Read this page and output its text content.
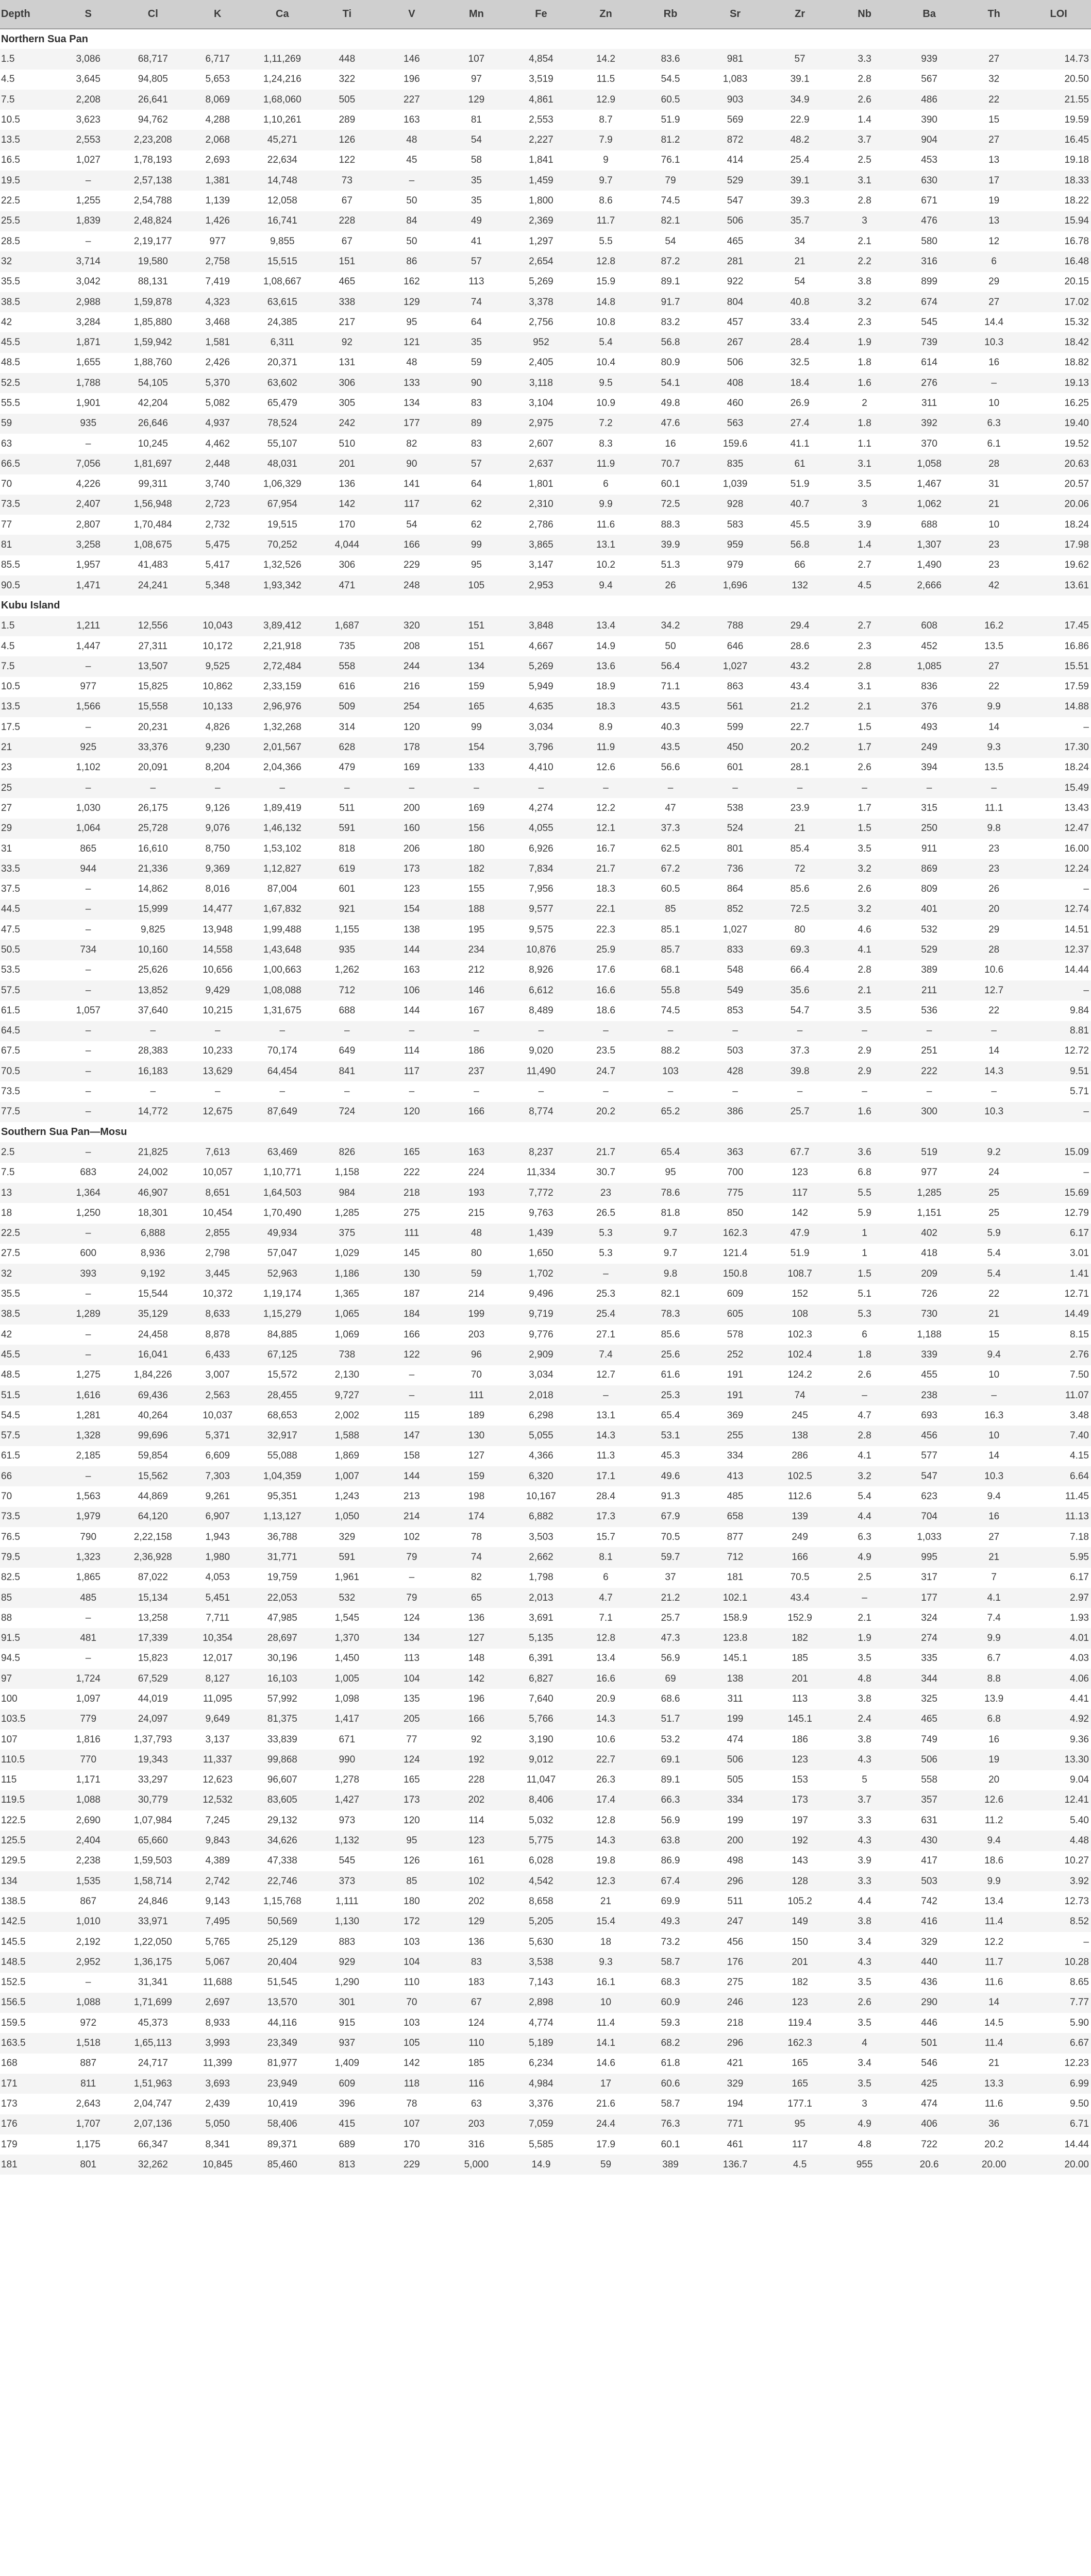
Depth	S	Cl	K	Ca	Ti	V	Mn	Fe	Zn	Rb	Sr	Zr	Nb	Ba	Th	LOI
Northern Sua Pan																
1.5	3,086	68,717	6,717	1,11,269	448	146	107	4,854	14.2	83.6	981	57	3.3	939	27	14.73
4.5	3,645	94,805	5,653	1,24,216	322	196	97	3,519	11.5	54.5	1,083	39.1	2.8	567	32	20.50
7.5	2,208	26,641	8,069	1,68,060	505	227	129	4,861	12.9	60.5	903	34.9	2.6	486	22	21.55
10.5	3,623	94,762	4,288	1,10,261	289	163	81	2,553	8.7	51.9	569	22.9	1.4	390	15	19.59
13.5	2,553	2,23,208	2,068	45,271	126	48	54	2,227	7.9	81.2	872	48.2	3.7	904	27	16.45
16.5	1,027	1,78,193	2,693	22,634	122	45	58	1,841	9	76.1	414	25.4	2.5	453	13	19.18
19.5	–	2,57,138	1,381	14,748	73	–	35	1,459	9.7	79	529	39.1	3.1	630	17	18.33
22.5	1,255	2,54,788	1,139	12,058	67	50	35	1,800	8.6	74.5	547	39.3	2.8	671	19	18.22
25.5	1,839	2,48,824	1,426	16,741	228	84	49	2,369	11.7	82.1	506	35.7	3	476	13	15.94
28.5	–	2,19,177	977	9,855	67	50	41	1,297	5.5	54	465	34	2.1	580	12	16.78
32	3,714	19,580	2,758	15,515	151	86	57	2,654	12.8	87.2	281	21	2.2	316	6	16.48
35.5	3,042	88,131	7,419	1,08,667	465	162	113	5,269	15.9	89.1	922	54	3.8	899	29	20.15
38.5	2,988	1,59,878	4,323	63,615	338	129	74	3,378	14.8	91.7	804	40.8	3.2	674	27	17.02
42	3,284	1,85,880	3,468	24,385	217	95	64	2,756	10.8	83.2	457	33.4	2.3	545	14.4	15.32
45.5	1,871	1,59,942	1,581	6,311	92	121	35	952	5.4	56.8	267	28.4	1.9	739	10.3	18.42
48.5	1,655	1,88,760	2,426	20,371	131	48	59	2,405	10.4	80.9	506	32.5	1.8	614	16	18.82
52.5	1,788	54,105	5,370	63,602	306	133	90	3,118	9.5	54.1	408	18.4	1.6	276	–	19.13
55.5	1,901	42,204	5,082	65,479	305	134	83	3,104	10.9	49.8	460	26.9	2	311	10	16.25
59	935	26,646	4,937	78,524	242	177	89	2,975	7.2	47.6	563	27.4	1.8	392	6.3	19.40
63	–	10,245	4,462	55,107	510	82	83	2,607	8.3	16	159.6	41.1	1.1	370	6.1	19.52
66.5	7,056	1,81,697	2,448	48,031	201	90	57	2,637	11.9	70.7	835	61	3.1	1,058	28	20.63
70	4,226	99,311	3,740	1,06,329	136	141	64	1,801	6	60.1	1,039	51.9	3.5	1,467	31	20.57
73.5	2,407	1,56,948	2,723	67,954	142	117	62	2,310	9.9	72.5	928	40.7	3	1,062	21	20.06
77	2,807	1,70,484	2,732	19,515	170	54	62	2,786	11.6	88.3	583	45.5	3.9	688	10	18.24
81	3,258	1,08,675	5,475	70,252	4,044	166	99	3,865	13.1	39.9	959	56.8	1.4	1,307	23	17.98
85.5	1,957	41,483	5,417	1,32,526	306	229	95	3,147	10.2	51.3	979	66	2.7	1,490	23	19.62
90.5	1,471	24,241	5,348	1,93,342	471	248	105	2,953	9.4	26	1,696	132	4.5	2,666	42	13.61
Kubu Island																
1.5	1,211	12,556	10,043	3,89,412	1,687	320	151	3,848	13.4	34.2	788	29.4	2.7	608	16.2	17.45
4.5	1,447	27,311	10,172	2,21,918	735	208	151	4,667	14.9	50	646	28.6	2.3	452	13.5	16.86
7.5	–	13,507	9,525	2,72,484	558	244	134	5,269	13.6	56.4	1,027	43.2	2.8	1,085	27	15.51
10.5	977	15,825	10,862	2,33,159	616	216	159	5,949	18.9	71.1	863	43.4	3.1	836	22	17.59
13.5	1,566	15,558	10,133	2,96,976	509	254	165	4,635	18.3	43.5	561	21.2	2.1	376	9.9	14.88
17.5	–	20,231	4,826	1,32,268	314	120	99	3,034	8.9	40.3	599	22.7	1.5	493	14	–
21	925	33,376	9,230	2,01,567	628	178	154	3,796	11.9	43.5	450	20.2	1.7	249	9.3	17.30
23	1,102	20,091	8,204	2,04,366	479	169	133	4,410	12.6	56.6	601	28.1	2.6	394	13.5	18.24
25	–	–	–	–	–	–	–	–	–	–	–	–	–	–	–	15.49
27	1,030	26,175	9,126	1,89,419	511	200	169	4,274	12.2	47	538	23.9	1.7	315	11.1	13.43
29	1,064	25,728	9,076	1,46,132	591	160	156	4,055	12.1	37.3	524	21	1.5	250	9.8	12.47
31	865	16,610	8,750	1,53,102	818	206	180	6,926	16.7	62.5	801	85.4	3.5	911	23	16.00
33.5	944	21,336	9,369	1,12,827	619	173	182	7,834	21.7	67.2	736	72	3.2	869	23	12.24
37.5	–	14,862	8,016	87,004	601	123	155	7,956	18.3	60.5	864	85.6	2.6	809	26	–
44.5	–	15,999	14,477	1,67,832	921	154	188	9,577	22.1	85	852	72.5	3.2	401	20	12.74
47.5	–	9,825	13,948	1,99,488	1,155	138	195	9,575	22.3	85.1	1,027	80	4.6	532	29	14.51
50.5	734	10,160	14,558	1,43,648	935	144	234	10,876	25.9	85.7	833	69.3	4.1	529	28	12.37
53.5	–	25,626	10,656	1,00,663	1,262	163	212	8,926	17.6	68.1	548	66.4	2.8	389	10.6	14.44
57.5	–	13,852	9,429	1,08,088	712	106	146	6,612	16.6	55.8	549	35.6	2.1	211	12.7	–
61.5	1,057	37,640	10,215	1,31,675	688	144	167	8,489	18.6	74.5	853	54.7	3.5	536	22	9.84
64.5	–	–	–	–	–	–	–	–	–	–	–	–	–	–	–	8.81
67.5	–	28,383	10,233	70,174	649	114	186	9,020	23.5	88.2	503	37.3	2.9	251	14	12.72
70.5	–	16,183	13,629	64,454	841	117	237	11,490	24.7	103	428	39.8	2.9	222	14.3	9.51
73.5	–	–	–	–	–	–	–	–	–	–	–	–	–	–	–	5.71
77.5	–	14,772	12,675	87,649	724	120	166	8,774	20.2	65.2	386	25.7	1.6	300	10.3	–
Southern Sua Pan—Mosu																
2.5	–	21,825	7,613	63,469	826	165	163	8,237	21.7	65.4	363	67.7	3.6	519	9.2	15.09
7.5	683	24,002	10,057	1,10,771	1,158	222	224	11,334	30.7	95	700	123	6.8	977	24	–
13	1,364	46,907	8,651	1,64,503	984	218	193	7,772	23	78.6	775	117	5.5	1,285	25	15.69
18	1,250	18,301	10,454	1,70,490	1,285	275	215	9,763	26.5	81.8	850	142	5.9	1,151	25	12.79
22.5	–	6,888	2,855	49,934	375	111	48	1,439	5.3	9.7	162.3	47.9	1	402	5.9	6.17
27.5	600	8,936	2,798	57,047	1,029	145	80	1,650	5.3	9.7	121.4	51.9	1	418	5.4	3.01
32	393	9,192	3,445	52,963	1,186	130	59	1,702	–	9.8	150.8	108.7	1.5	209	5.4	1.41
35.5	–	15,544	10,372	1,19,174	1,365	187	214	9,496	25.3	82.1	609	152	5.1	726	22	12.71
38.5	1,289	35,129	8,633	1,15,279	1,065	184	199	9,719	25.4	78.3	605	108	5.3	730	21	14.49
42	–	24,458	8,878	84,885	1,069	166	203	9,776	27.1	85.6	578	102.3	6	1,188	15	8.15
45.5	–	16,041	6,433	67,125	738	122	96	2,909	7.4	25.6	252	102.4	1.8	339	9.4	2.76
48.5	1,275	1,84,226	3,007	15,572	2,130	–	70	3,034	12.7	61.6	191	124.2	2.6	455	10	7.50
51.5	1,616	69,436	2,563	28,455	9,727	–	111	2,018	–	25.3	191	74	–	238	–	11.07
54.5	1,281	40,264	10,037	68,653	2,002	115	189	6,298	13.1	65.4	369	245	4.7	693	16.3	3.48
57.5	1,328	99,696	5,371	32,917	1,588	147	130	5,055	14.3	53.1	255	138	2.8	456	10	7.40
61.5	2,185	59,854	6,609	55,088	1,869	158	127	4,366	11.3	45.3	334	286	4.1	577	14	4.15
66	–	15,562	7,303	1,04,359	1,007	144	159	6,320	17.1	49.6	413	102.5	3.2	547	10.3	6.64
70	1,563	44,869	9,261	95,351	1,243	213	198	10,167	28.4	91.3	485	112.6	5.4	623	9.4	11.45
73.5	1,979	64,120	6,907	1,13,127	1,050	214	174	6,882	17.3	67.9	658	139	4.4	704	16	11.13
76.5	790	2,22,158	1,943	36,788	329	102	78	3,503	15.7	70.5	877	249	6.3	1,033	27	7.18
79.5	1,323	2,36,928	1,980	31,771	591	79	74	2,662	8.1	59.7	712	166	4.9	995	21	5.95
82.5	1,865	87,022	4,053	19,759	1,961	–	82	1,798	6	37	181	70.5	2.5	317	7	6.17
85	485	15,134	5,451	22,053	532	79	65	2,013	4.7	21.2	102.1	43.4	–	177	4.1	2.97
88	–	13,258	7,711	47,985	1,545	124	136	3,691	7.1	25.7	158.9	152.9	2.1	324	7.4	1.93
91.5	481	17,339	10,354	28,697	1,370	134	127	5,135	12.8	47.3	123.8	182	1.9	274	9.9	4.01
94.5	–	15,823	12,017	30,196	1,450	113	148	6,391	13.4	56.9	145.1	185	3.5	335	6.7	4.03
97	1,724	67,529	8,127	16,103	1,005	104	142	6,827	16.6	69	138	201	4.8	344	8.8	4.06
100	1,097	44,019	11,095	57,992	1,098	135	196	7,640	20.9	68.6	311	113	3.8	325	13.9	4.41
103.5	779	24,097	9,649	81,375	1,417	205	166	5,766	14.3	51.7	199	145.1	2.4	465	6.8	4.92
107	1,816	1,37,793	3,137	33,839	671	77	92	3,190	10.6	53.2	474	186	3.8	749	16	9.36
110.5	770	19,343	11,337	99,868	990	124	192	9,012	22.7	69.1	506	123	4.3	506	19	13.30
115	1,171	33,297	12,623	96,607	1,278	165	228	11,047	26.3	89.1	505	153	5	558	20	9.04
119.5	1,088	30,779	12,532	83,605	1,427	173	202	8,406	17.4	66.3	334	173	3.7	357	12.6	12.41
122.5	2,690	1,07,984	7,245	29,132	973	120	114	5,032	12.8	56.9	199	197	3.3	631	11.2	5.40
125.5	2,404	65,660	9,843	34,626	1,132	95	123	5,775	14.3	63.8	200	192	4.3	430	9.4	4.48
129.5	2,238	1,59,503	4,389	47,338	545	126	161	6,028	19.8	86.9	498	143	3.9	417	18.6	10.27
134	1,535	1,58,714	2,742	22,746	373	85	102	4,542	12.3	67.4	296	128	3.3	503	9.9	3.92
138.5	867	24,846	9,143	1,15,768	1,111	180	202	8,658	21	69.9	511	105.2	4.4	742	13.4	12.73
142.5	1,010	33,971	7,495	50,569	1,130	172	129	5,205	15.4	49.3	247	149	3.8	416	11.4	8.52
145.5	2,192	1,22,050	5,765	25,129	883	103	136	5,630	18	73.2	456	150	3.4	329	12.2	–
148.5	2,952	1,36,175	5,067	20,404	929	104	83	3,538	9.3	58.7	176	201	4.3	440	11.7	10.28
152.5	–	31,341	11,688	51,545	1,290	110	183	7,143	16.1	68.3	275	182	3.5	436	11.6	8.65
156.5	1,088	1,71,699	2,697	13,570	301	70	67	2,898	10	60.9	246	123	2.6	290	14	7.77
159.5	972	45,373	8,933	44,116	915	103	124	4,774	11.4	59.3	218	119.4	3.5	446	14.5	5.90
163.5	1,518	1,65,113	3,993	23,349	937	105	110	5,189	14.1	68.2	296	162.3	4	501	11.4	6.67
168	887	24,717	11,399	81,977	1,409	142	185	6,234	14.6	61.8	421	165	3.4	546	21	12.23
171	811	1,51,963	3,693	23,949	609	118	116	4,984	17	60.6	329	165	3.5	425	13.3	6.99
173	2,643	2,04,747	2,439	10,419	396	78	63	3,376	21.6	58.7	194	177.1	3	474	11.6	9.50
176	1,707	2,07,136	5,050	58,406	415	107	203	7,059	24.4	76.3	771	95	4.9	406	36	6.71
179	1,175	66,347	8,341	89,371	689	170	316	5,585	17.9	60.1	461	117	4.8	722	20.2	14.44
181	801	32,262	10,845	85,460	813	229	5,000	14.9	59	389	136.7	4.5	955	20.6	20.00	20.00
